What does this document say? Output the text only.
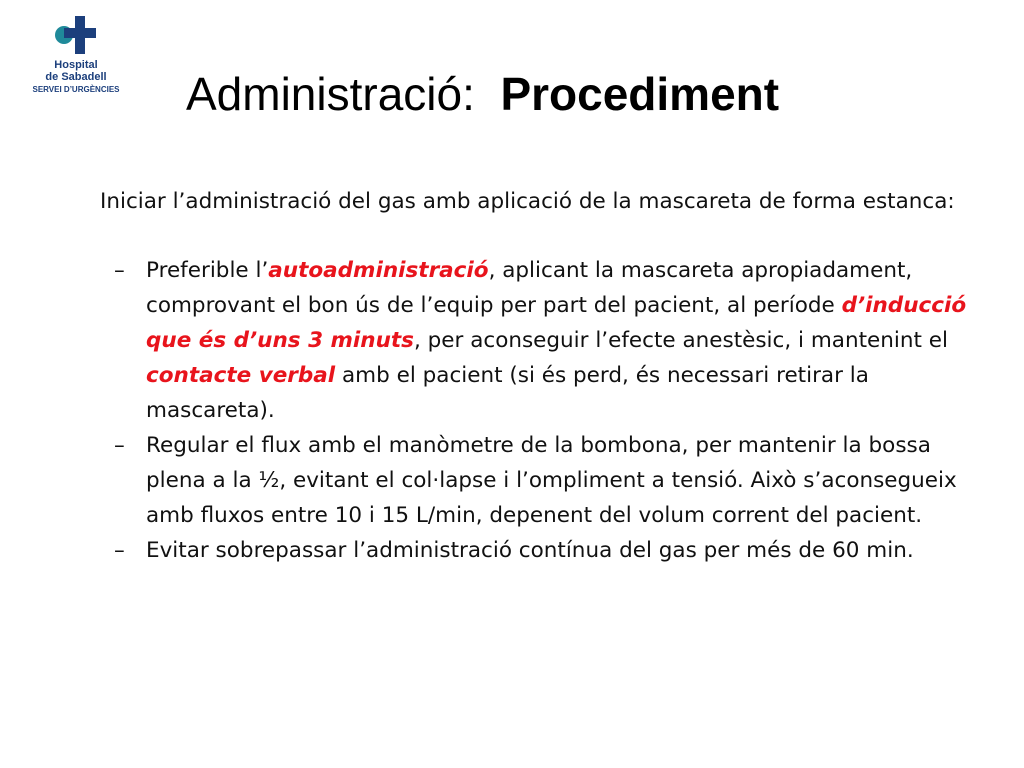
Hospital
de Sabadell
SERVEI D’URGÈNCIES Administració: Procediment

Iniciar l’administració del gas amb aplicació de la mascareta de forma estanca:

– Preferible l’autoadministració, aplicant la mascareta apropiadament, comprovant el bon ús de l’equip per part del pacient, al període d’inducció que és d’uns 3 minuts, per aconseguir l’efecte anestèsic, i mantenint el contacte verbal amb el pacient (si és perd, és necessari retirar la mascareta).
– Regular el flux amb el manòmetre de la bombona, per mantenir la bossa plena a la ½, evitant el col·lapse i l’ompliment a tensió. Això s’aconsegueix amb fluxos entre 10 i 15 L/min, depenent del volum corrent del pacient.
– Evitar sobrepassar l’administració contínua del gas per més de 60 min.
